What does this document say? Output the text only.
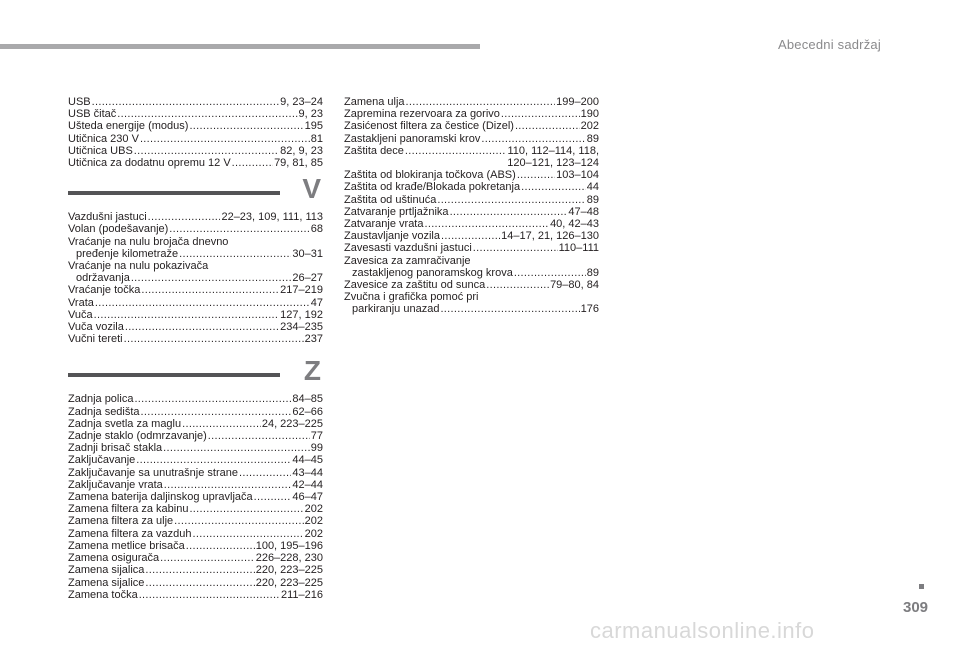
Abecedni sadržaj
USB .....	9, 23–24
USB čitač .....	9, 23
Ušteda energije (modus) .....	195
Utičnica 230 V .....	81
Utičnica UBS .....	82, 9, 23
Utičnica za dodatnu opremu 12 V .....	79, 81, 85
V
Vazdušni jastuci .....	22–23, 109, 111, 113
Volan (podešavanje) .....	68
Vraćanje na nulu brojača dnevno
pređenje kilometraže .....	30–31
Vraćanje na nulu pokazivača
održavanja .....	26–27
Vraćanje točka .....	217–219
Vrata .....	47
Vuča .....	127, 192
Vuča vozila .....	234–235
Vučni tereti .....	237
Z
Zadnja polica .....	84–85
Zadnja sedišta .....	62–66
Zadnja svetla za maglu .....	24, 223–225
Zadnje staklo (odmrzavanje) .....	77
Zadnji brisač stakla .....	99
Zaključavanje .....	44–45
Zaključavanje sa unutrašnje strane .....	43–44
Zaključavanje vrata .....	42–44
Zamena baterija daljinskog upravljača .....	46–47
Zamena filtera za kabinu .....	202
Zamena filtera za ulje .....	202
Zamena filtera za vazduh .....	202
Zamena metlice brisača .....	100, 195–196
Zamena osigurača .....	226–228, 230
Zamena sijalica .....	220, 223–225
Zamena sijalice .....	220, 223–225
Zamena točka .....	211–216
Zamena ulja .....	199–200
Zapremina rezervoara za gorivo .....	190
Zasićenost filtera za čestice (Dizel) .....	202
Zastakljeni panoramski krov .....	89
Zaštita dece .....	110, 112–114, 118,
120–121, 123–124
Zaštita od blokiranja točkova (ABS) .....	103–104
Zaštita od krađe/Blokada pokretanja .....	44
Zaštita od uštinuća .....	89
Zatvaranje prtljažnika .....	47–48
Zatvaranje vrata .....	40, 42–43
Zaustavljanje vozila .....	14–17, 21, 126–130
Zavesasti vazdušni jastuci .....	110–111
Zavesica za zamračivanje
zastakljenog panoramskog krova .....	89
Zavesice za zaštitu od sunca .....	79–80, 84
Zvučna i grafička pomoć pri
parkiranju unazad .....	176
309
carmanualsonline.info
